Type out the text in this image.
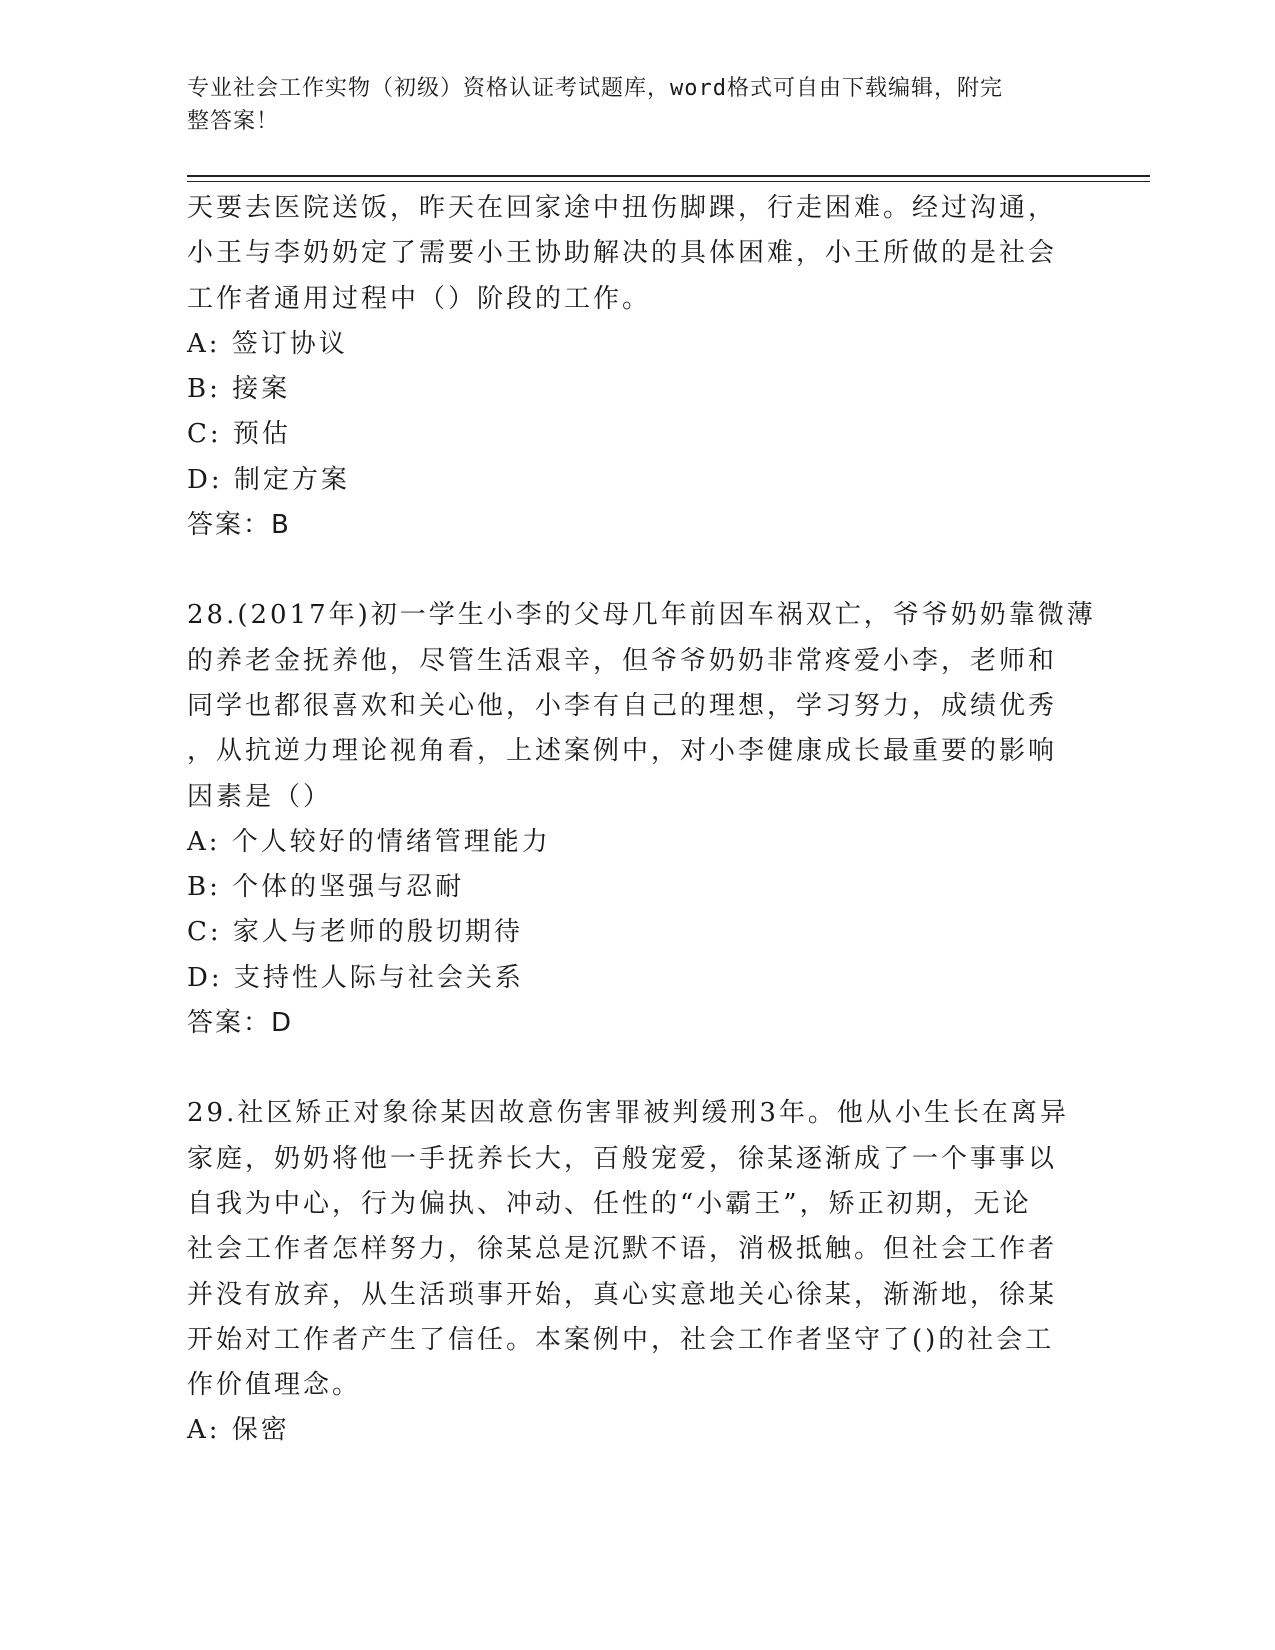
专业社会工作实物（初级）资格认证考试题库，word格式可自由下载编辑，附完
整答案！
天要去医院送饭，昨天在回家途中扭伤脚踝，行走困难。经过沟通，
小王与李奶奶定了需要小王协助解决的具体困难，小王所做的是社会
工作者通用过程中（）阶段的工作。
A: 签订协议
B: 接案
C: 预估
D: 制定方案
答案：B
28.(2017年)初一学生小李的父母几年前因车祸双亡，爷爷奶奶靠微薄
的养老金抚养他，尽管生活艰辛，但爷爷奶奶非常疼爱小李，老师和
同学也都很喜欢和关心他，小李有自己的理想，学习努力，成绩优秀
，从抗逆力理论视角看，上述案例中，对小李健康成长最重要的影响
因素是（）
A: 个人较好的情绪管理能力
B: 个体的坚强与忍耐
C: 家人与老师的殷切期待
D: 支持性人际与社会关系
答案：D
29.社区矫正对象徐某因故意伤害罪被判缓刑3年。他从小生长在离异
家庭，奶奶将他一手抚养长大，百般宠爱，徐某逐渐成了一个事事以
自我为中心，行为偏执、冲动、任性的“小霸王”，矫正初期，无论
社会工作者怎样努力，徐某总是沉默不语，消极抵触。但社会工作者
并没有放弃，从生活琐事开始，真心实意地关心徐某，渐渐地，徐某
开始对工作者产生了信任。本案例中，社会工作者坚守了()的社会工
作价值理念。
A: 保密
